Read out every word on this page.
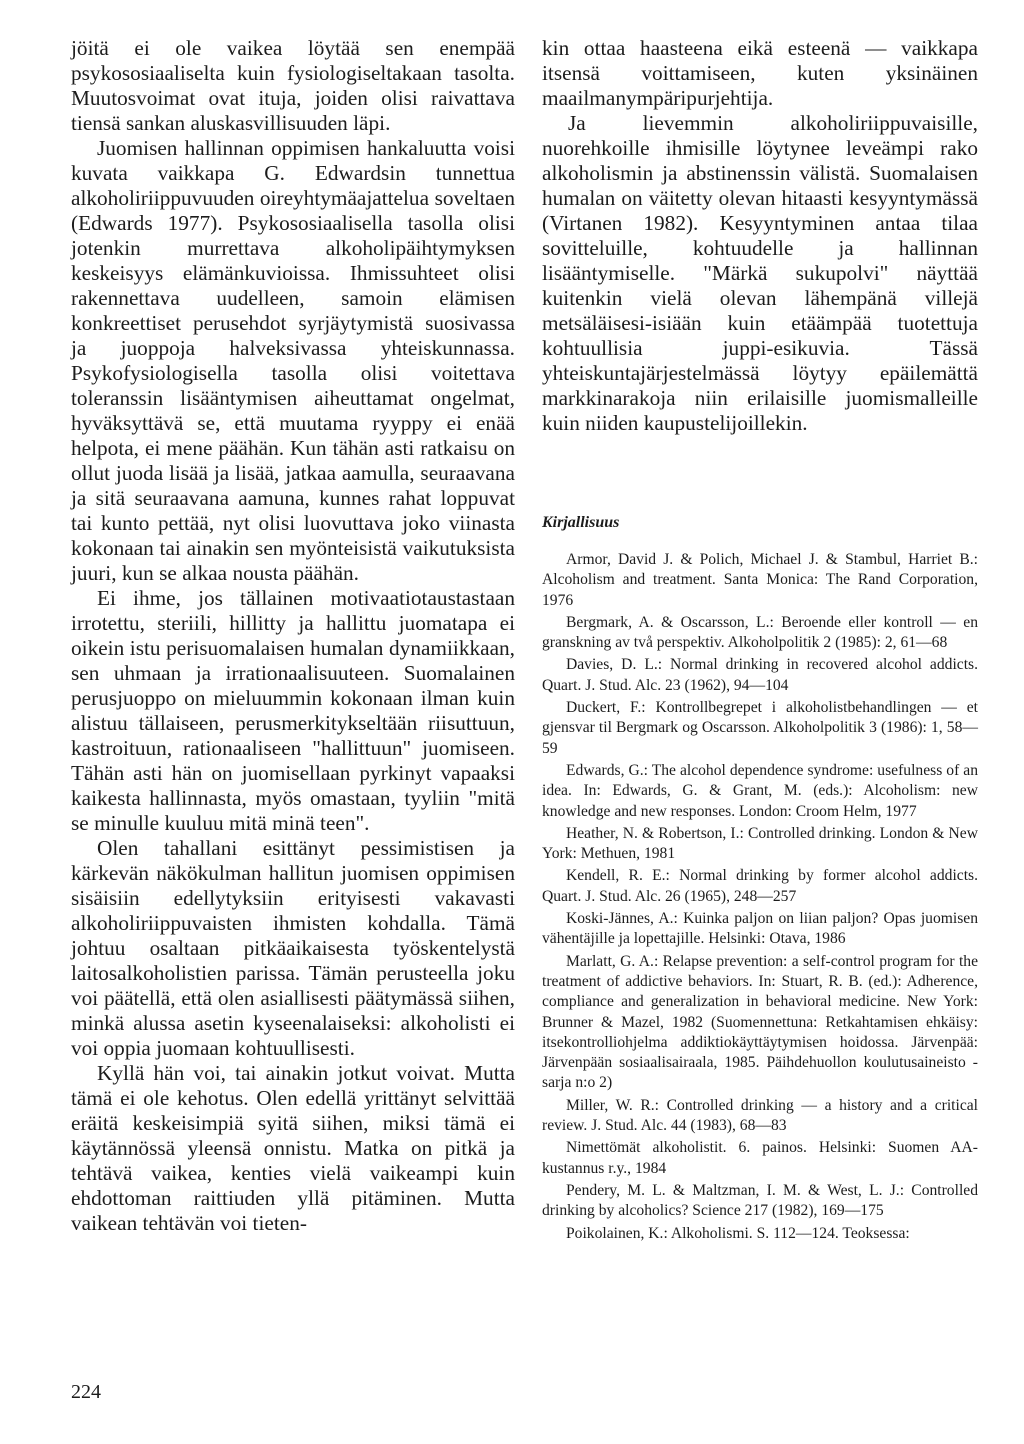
jöitä ei ole vaikea löytää sen enempää psykososiaaliselta kuin fysiologiseltakaan tasolta. Muutosvoimat ovat ituja, joiden olisi raivattava tiensä sankan aluskasvillisuuden läpi.

Juomisen hallinnan oppimisen hankaluutta voisi kuvata vaikkapa G. Edwardsin tunnettua alkoholiriippuvuuden oireyhtymäajattelua soveltaen (Edwards 1977). Psykososiaalisella tasolla olisi jotenkin murrettava alkoholipäihtymyksen keskeisyys elämänkuvioissa. Ihmissuhteet olisi rakennettava uudelleen, samoin elämisen konkreettiset perusehdot syrjäytymistä suosivassa ja juoppoja halveksivassa yhteiskunnassa. Psykofysiologisella tasolla olisi voitettava toleranssin lisääntymisen aiheuttamat ongelmat, hyväksyttävä se, että muutama ryyppy ei enää helpota, ei mene päähän. Kun tähän asti ratkaisu on ollut juoda lisää ja lisää, jatkaa aamulla, seuraavana ja sitä seuraavana aamuna, kunnes rahat loppuvat tai kunto pettää, nyt olisi luovuttava joko viinasta kokonaan tai ainakin sen myönteisistä vaikutuksista juuri, kun se alkaa nousta päähän.

Ei ihme, jos tällainen motivaatiotaustastaan irrotettu, steriili, hillitty ja hallittu juomatapa ei oikein istu perisuomalaisen humalan dynamiikkaan, sen uhmaan ja irrationaalisuuteen. Suomalainen perusjuoppo on mieluummin kokonaan ilman kuin alistuu tällaiseen, perusmerkitykseltään riisuttuun, kastroituun, rationaaliseen "hallittuun" juomiseen. Tähän asti hän on juomisellaan pyrkinyt vapaaksi kaikesta hallinnasta, myös omastaan, tyyliin "mitä se minulle kuuluu mitä minä teen".

Olen tahallani esittänyt pessimistisen ja kärkevän näkökulman hallitun juomisen oppimisen sisäisiin edellytyksiin erityisesti vakavasti alkoholiriippuvaisten ihmisten kohdalla. Tämä johtuu osaltaan pitkäaikaisesta työskentelystä laitosalkoholistien parissa. Tämän perusteella joku voi päätellä, että olen asiallisesti päätymässä siihen, minkä alussa asetin kyseenalaiseksi: alkoholisti ei voi oppia juomaan kohtuullisesti.

Kyllä hän voi, tai ainakin jotkut voivat. Mutta tämä ei ole kehotus. Olen edellä yrittänyt selvittää eräitä keskeisimpiä syitä siihen, miksi tämä ei käytännössä yleensä onnistu. Matka on pitkä ja tehtävä vaikea, kenties vielä vaikeampi kuin ehdottoman raittiuden yllä pitäminen. Mutta vaikean tehtävän voi tieten-

kin ottaa haasteena eikä esteenä — vaikkapa itsensä voittamiseen, kuten yksinäinen maailmanympäripurjehtija.

Ja lievemmin alkoholiriippuvaisille, nuorehkoille ihmisille löytynee leveämpi rako alkoholismin ja abstinenssin välistä. Suomalaisen humalan on väitetty olevan hitaasti kesyyntymässä (Virtanen 1982). Kesyyntyminen antaa tilaa sovitteluille, kohtuudelle ja hallinnan lisääntymiselle. "Märkä sukupolvi" näyttää kuitenkin vielä olevan lähempänä villejä metsäläisesi-isiään kuin etäämpää tuotettuja kohtuullisia juppi-esikuvia. Tässä yhteiskuntajärjestelmässä löytyy epäilemättä markkinarakoja niin erilaisille juomismalleille kuin niiden kaupustelijoillekin.

Kirjallisuus

Armor, David J. & Polich, Michael J. & Stambul, Harriet B.: Alcoholism and treatment. Santa Monica: The Rand Corporation, 1976

Bergmark, A. & Oscarsson, L.: Beroende eller kontroll — en granskning av två perspektiv. Alkoholpolitik 2 (1985): 2, 61—68

Davies, D. L.: Normal drinking in recovered alcohol addicts. Quart. J. Stud. Alc. 23 (1962), 94—104

Duckert, F.: Kontrollbegrepet i alkoholistbehandlingen — et gjensvar til Bergmark og Oscarsson. Alkoholpolitik 3 (1986): 1, 58—59

Edwards, G.: The alcohol dependence syndrome: usefulness of an idea. In: Edwards, G. & Grant, M. (eds.): Alcoholism: new knowledge and new responses. London: Croom Helm, 1977

Heather, N. & Robertson, I.: Controlled drinking. London & New York: Methuen, 1981

Kendell, R. E.: Normal drinking by former alcohol addicts. Quart. J. Stud. Alc. 26 (1965), 248—257

Koski-Jännes, A.: Kuinka paljon on liian paljon? Opas juomisen vähentäjille ja lopettajille. Helsinki: Otava, 1986

Marlatt, G. A.: Relapse prevention: a self-control program for the treatment of addictive behaviors. In: Stuart, R. B. (ed.): Adherence, compliance and generalization in behavioral medicine. New York: Brunner & Mazel, 1982 (Suomennettuna: Retkahtamisen ehkäisy: itsekontrolliohjelma addiktiokäyttäytymisen hoidossa. Järvenpää: Järvenpään sosiaalisairaala, 1985. Päihdehuollon koulutusaineisto -sarja n:o 2)

Miller, W. R.: Controlled drinking — a history and a critical review. J. Stud. Alc. 44 (1983), 68—83

Nimettömät alkoholistit. 6. painos. Helsinki: Suomen AA-kustannus r.y., 1984

Pendery, M. L. & Maltzman, I. M. & West, L. J.: Controlled drinking by alcoholics? Science 217 (1982), 169—175

Poikolainen, K.: Alkoholismi. S. 112—124. Teoksessa:

224
